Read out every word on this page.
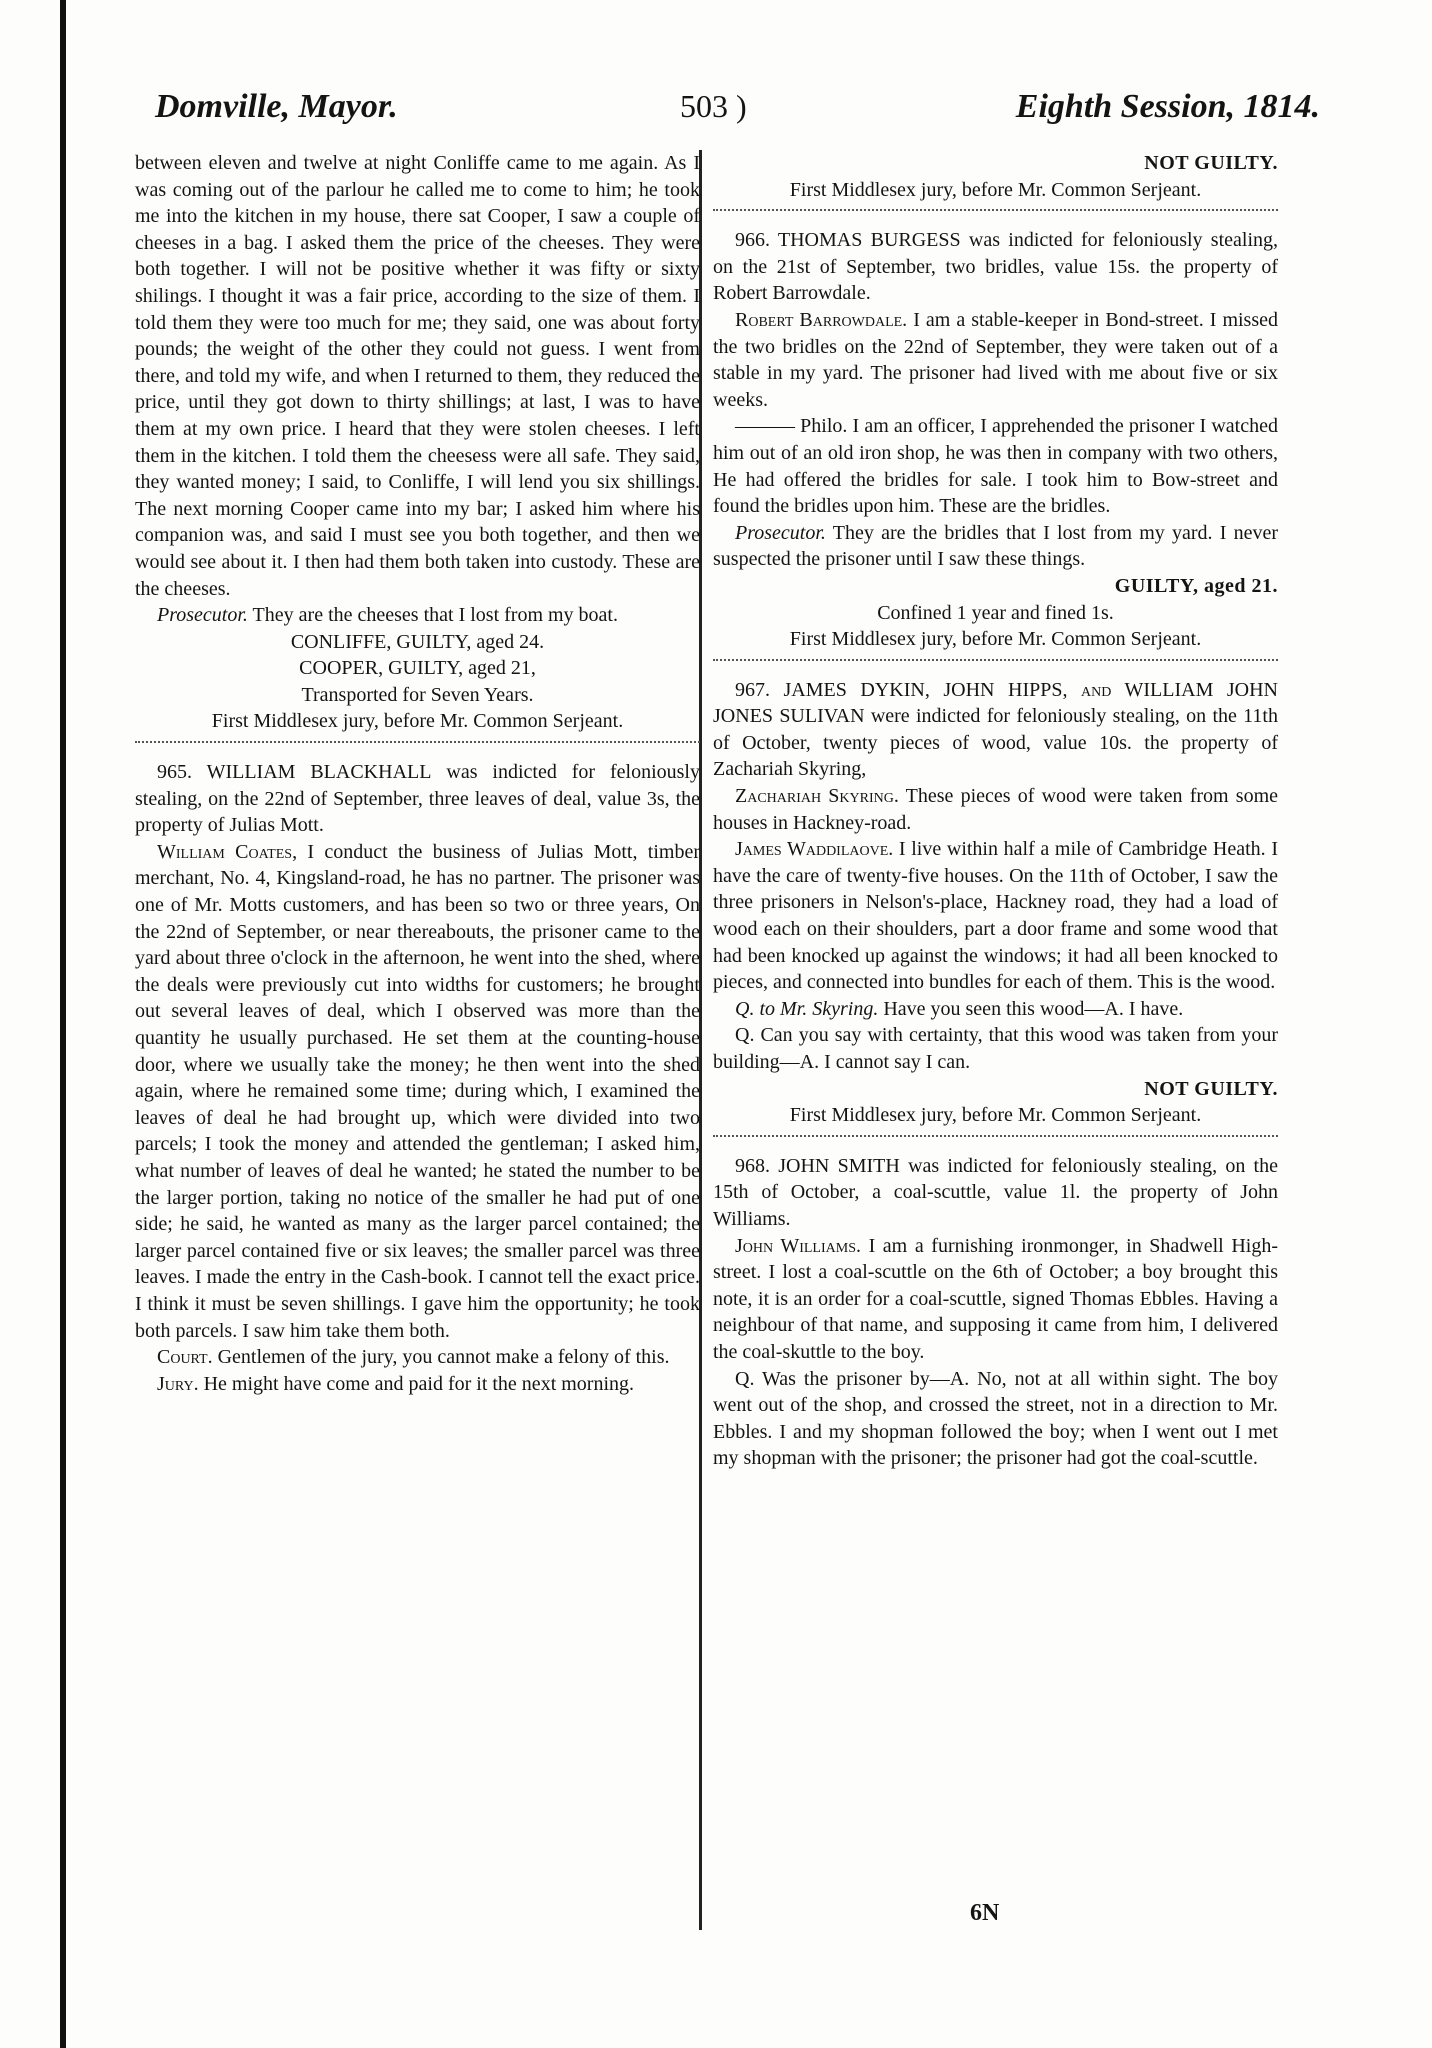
Domville, Mayor.	503 )	Eighth Session, 1814.

between eleven and twelve at night Conliffe came to me again. As I was coming out of the parlour he called me to come to him; he took me into the kitchen in my house, there sat Cooper, I saw a couple of cheeses in a bag. I asked them the price of the cheeses. They were both together. I will not be positive whether it was fifty or sixty shilings. I thought it was a fair price, according to the size of them. I told them they were too much for me; they said, one was about forty pounds; the weight of the other they could not guess. I went from there, and told my wife, and when I returned to them, they reduced the price, until they got down to thirty shillings; at last, I was to have them at my own price. I heard that they were stolen cheeses. I left them in the kitchen. I told them the cheesess were all safe. They said, they wanted money; I said, to Conliffe, I will lend you six shillings. The next morning Cooper came into my bar; I asked him where his companion was, and said I must see you both together, and then we would see about it. I then had them both taken into custody. These are the cheeses.

Prosecutor. They are the cheeses that I lost from my boat.

CONLIFFE, GUILTY, aged 24.

COOPER, GUILTY, aged 21,

Transported for Seven Years.

First Middlesex jury, before Mr. Common Serjeant.

965. WILLIAM BLACKHALL was indicted for feloniously stealing, on the 22nd of September, three leaves of deal, value 3s, the property of Julias Mott.

William Coates, I conduct the business of Julias Mott, timber merchant, No. 4, Kingsland-road, he has no partner. The prisoner was one of Mr. Motts customers, and has been so two or three years, On the 22nd of September, or near thereabouts, the prisoner came to the yard about three o'clock in the afternoon, he went into the shed, where the deals were previously cut into widths for customers; he brought out several leaves of deal, which I observed was more than the quantity he usually purchased. He set them at the counting-house door, where we usually take the money; he then went into the shed again, where he remained some time; during which, I examined the leaves of deal he had brought up, which were divided into two parcels; I took the money and attended the gentleman; I asked him, what number of leaves of deal he wanted; he stated the number to be the larger portion, taking no notice of the smaller he had put of one side; he said, he wanted as many as the larger parcel contained; the larger parcel contained five or six leaves; the smaller parcel was three leaves. I made the entry in the Cash-book. I cannot tell the exact price. I think it must be seven shillings. I gave him the opportunity; he took both parcels. I saw him take them both.

Court. Gentlemen of the jury, you cannot make a felony of this.

Jury. He might have come and paid for it the next morning.

NOT GUILTY.

First Middlesex jury, before Mr. Common Serjeant.

966. THOMAS BURGESS was indicted for feloniously stealing, on the 21st of September, two bridles, value 15s. the property of Robert Barrowdale.

Robert Barrowdale. I am a stable-keeper in Bond-street. I missed the two bridles on the 22nd of September, they were taken out of a stable in my yard. The prisoner had lived with me about five or six weeks.

——— Philo. I am an officer, I apprehended the prisoner I watched him out of an old iron shop, he was then in company with two others, He had offered the bridles for sale. I took him to Bow-street and found the bridles upon him. These are the bridles.

Prosecutor. They are the bridles that I lost from my yard. I never suspected the prisoner until I saw these things.

GUILTY, aged 21.

Confined 1 year and fined 1s.

First Middlesex jury, before Mr. Common Serjeant.

967. JAMES DYKIN, JOHN HIPPS, and WILLIAM JOHN JONES SULIVAN were indicted for feloniously stealing, on the 11th of October, twenty pieces of wood, value 10s. the property of Zachariah Skyring,

Zachariah Skyring. These pieces of wood were taken from some houses in Hackney-road.

James Waddilaove. I live within half a mile of Cambridge Heath. I have the care of twenty-five houses. On the 11th of October, I saw the three prisoners in Nelson's-place, Hackney road, they had a load of wood each on their shoulders, part a door frame and some wood that had been knocked up against the windows; it had all been knocked to pieces, and connected into bundles for each of them. This is the wood.

Q. to Mr. Skyring. Have you seen this wood—A. I have.

Q. Can you say with certainty, that this wood was taken from your building—A. I cannot say I can.

NOT GUILTY.

First Middlesex jury, before Mr. Common Serjeant.

968. JOHN SMITH was indicted for feloniously stealing, on the 15th of October, a coal-scuttle, value 1l. the property of John Williams.

John Williams. I am a furnishing ironmonger, in Shadwell High-street. I lost a coal-scuttle on the 6th of October; a boy brought this note, it is an order for a coal-scuttle, signed Thomas Ebbles. Having a neighbour of that name, and supposing it came from him, I delivered the coal-skuttle to the boy.

Q. Was the prisoner by—A. No, not at all within sight. The boy went out of the shop, and crossed the street, not in a direction to Mr. Ebbles. I and my shopman followed the boy; when I went out I met my shopman with the prisoner; the prisoner had got the coal-scuttle.

6N
